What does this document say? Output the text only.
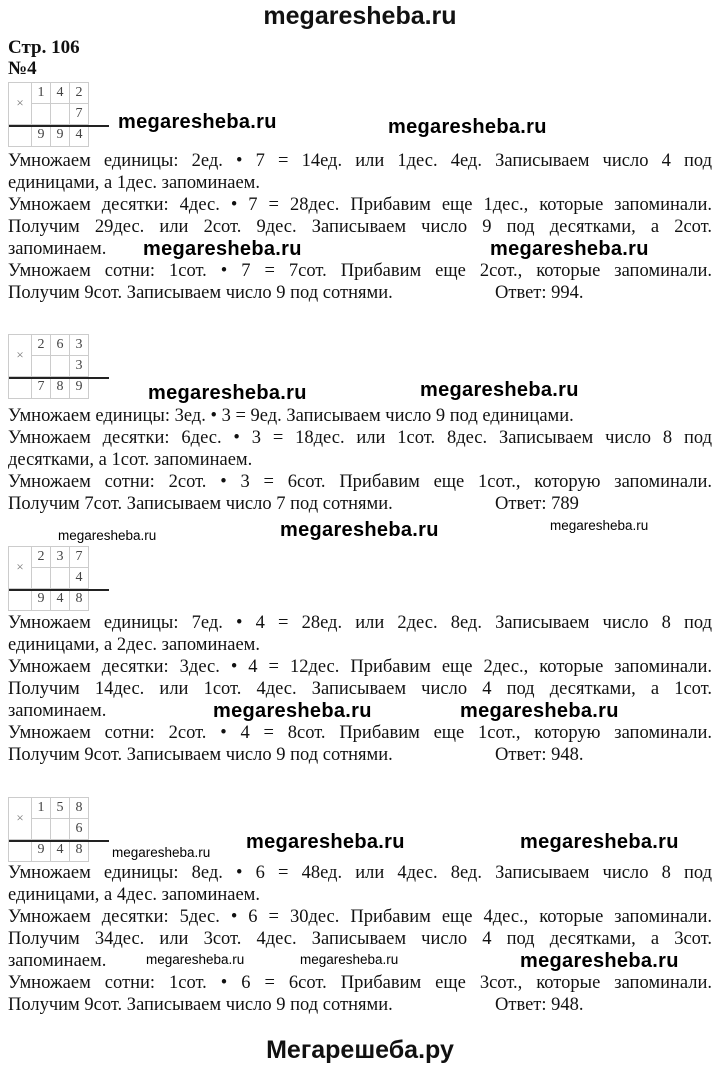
megaresheba.ru
Стр. 106
№4
Мегарешеба.ру
×
1 4 2
7
9 9 4
Умножаем единицы: 2ед. • 7 = 14ед. или 1дес. 4ед. Записываем число 4 под
единицами, а 1дес. запоминаем.
Умножаем десятки: 4дес. • 7 = 28дес. Прибавим еще 1дес., которые запоминали.
Получим 29дес. или 2сот. 9дес. Записываем число 9 под десятками, а 2сот.
запоминаем.
Умножаем сотни: 1сот. • 7 = 7сот. Прибавим еще 2сот., которые запоминали.
Получим 9сот. Записываем число 9 под сотнями.	Ответ: 994.
×
2 6 3
3
7 8 9
Умножаем единицы: 3ед. • 3 = 9ед. Записываем число 9 под единицами.
Умножаем десятки: 6дес. • 3 = 18дес. или 1сот. 8дес. Записываем число 8 под
десятками, а 1сот. запоминаем.
Умножаем сотни: 2сот. • 3 = 6сот. Прибавим еще 1сот., которую запоминали.
Получим 7сот. Записываем число 7 под сотнями.	Ответ: 789
×
2 3 7
4
9 4 8
Умножаем единицы: 7ед. • 4 = 28ед. или 2дес. 8ед. Записываем число 8 под
единицами, а 2дес. запоминаем.
Умножаем десятки: 3дес. • 4 = 12дес. Прибавим еще 2дес., которые запоминали.
Получим 14дес. или 1сот. 4дес. Записываем число 4 под десятками, а 1сот.
запоминаем.
Умножаем сотни: 2сот. • 4 = 8сот. Прибавим еще 1сот., которую запоминали.
Получим 9сот. Записываем число 9 под сотнями.	Ответ: 948.
×
1 5 8
6
9 4 8
Умножаем единицы: 8ед. • 6 = 48ед. или 4дес. 8ед. Записываем число 8 под
единицами, а 4дес. запоминаем.
Умножаем десятки: 5дес. • 6 = 30дес. Прибавим еще 4дес., которые запоминали.
Получим 34дес. или 3сот. 4дес. Записываем число 4 под десятками, а 3сот.
запоминаем.
Умножаем сотни: 1сот. • 6 = 6сот. Прибавим еще 3сот., которые запоминали.
Получим 9сот. Записываем число 9 под сотнями.	Ответ: 948.
megaresheba.ru	megaresheba.ru
megaresheba.ru	megaresheba.ru
megaresheba.ru	megaresheba.ru
megaresheba.ru	megaresheba.ru	megaresheba.ru
megaresheba.ru	megaresheba.ru
megaresheba.ru	megaresheba.ru
megaresheba.ru
megaresheba.ru	megaresheba.ru	megaresheba.ru
